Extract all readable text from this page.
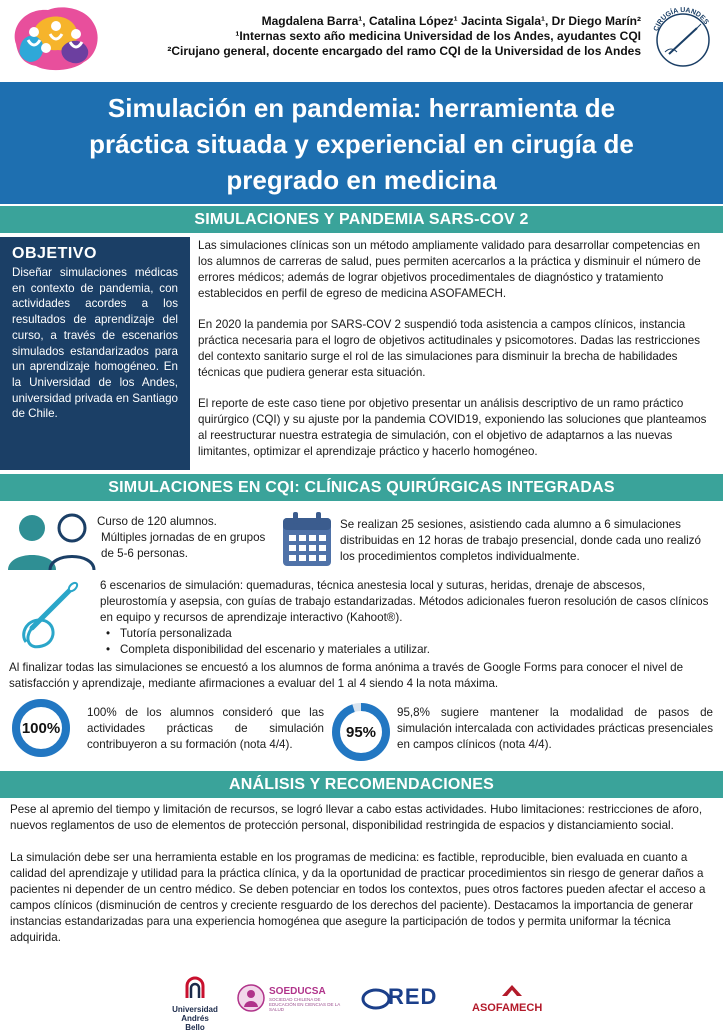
Magdalena Barra¹, Catalina López¹ Jacinta Sigala¹, Dr Diego Marín²
¹Internas sexto año medicina Universidad de los Andes, ayudantes CQI
²Cirujano general, docente encargado del ramo CQI de la Universidad de los Andes
CIRUGÍA UANDES
Simulación en pandemia: herramienta de
práctica situada y experiencial en cirugía de
pregrado en medicina
SIMULACIONES Y PANDEMIA SARS-COV 2
OBJETIVO

Diseñar simulaciones médicas en contexto de pandemia, con actividades acordes a los resultados de aprendizaje del curso, a través de escenarios simulados estandarizados para un aprendizaje homogéneo. En la Universidad de los Andes, universidad privada en Santiago de Chile.

Las simulaciones clínicas son un método ampliamente validado para desarrollar competencias en los alumnos de carreras de salud, pues permiten acercarlos a la práctica y disminuir el número de errores médicos; además de lograr objetivos procedimentales de diagnóstico y tratamiento establecidos en perfil de egreso de medicina ASOFAMECH.

En 2020 la pandemia por SARS-COV 2 suspendió toda asistencia a campos clínicos, instancia práctica necesaria para el logro de objetivos actitudinales y psicomotores. Dadas las restricciones del contexto sanitario surge el rol de las simulaciones para disminuir la brecha de habilidades técnicas que pudiera generar esta situación.

El reporte de este caso tiene por objetivo presentar un análisis descriptivo de un ramo práctico quirúrgico (CQI) y su ajuste por la pandemia COVID19, exponiendo las soluciones que planteamos al reestructurar nuestra estrategia de simulación, con el objetivo de adaptarnos a las nuevas limitantes, optimizar el aprendizaje práctico y hacerlo homogéneo.

SIMULACIONES EN CQI: CLÍNICAS QUIRÚRGICAS INTEGRADAS
Curso de 120 alumnos.
Múltiples jornadas de en grupos de 5-6 personas.
Se realizan 25 sesiones, asistiendo cada alumno a 6 simulaciones distribuidas en 12 horas de trabajo presencial, donde cada uno realizó los procedimientos completos individualmente.
6 escenarios de simulación: quemaduras, técnica anestesia local y suturas, heridas, drenaje de abscesos, pleurostomía y asepsia, con guías de trabajo estandarizadas. Métodos adicionales fueron resolución de casos clínicos en equipo y recursos de aprendizaje interactivo (Kahoot®).
• Tutoría personalizada
• Completa disponibilidad del escenario y materiales a utilizar.
Al finalizar todas las simulaciones se encuestó a los alumnos de forma anónima a través de Google Forms para conocer el nivel de satisfacción y aprendizaje, mediante afirmaciones a evaluar del 1 al 4 siendo 4 la nota máxima.
100%
100% de los alumnos consideró que las actividades prácticas de simulación contribuyeron a su formación (nota 4/4).
95%
95,8% sugiere mantener la modalidad de pasos de simulación intercalada con actividades prácticas presenciales en campos clínicos (nota 4/4).
ANÁLISIS Y RECOMENDACIONES

Pese al apremio del tiempo y limitación de recursos, se logró llevar a cabo estas actividades. Hubo limitaciones: restricciones de aforo, nuevos reglamentos de uso de elementos de protección personal, disponibilidad restringida de espacios y distanciamiento social.

La simulación debe ser una herramienta estable en los programas de medicina: es factible, reproducible, bien evaluada en cuanto a calidad del aprendizaje y utilidad para la práctica clínica, y da la oportunidad de practicar procedimientos sin riesgo de generar daños a pacientes ni depender de un centro médico. Se deben potenciar en todos los contextos, pues otros factores pueden afectar el acceso a campos clínicos (disminución de centros y creciente resguardo de los derechos del paciente). Destacamos la importancia de generar instancias estandarizadas para una experiencia homogénea que asegure la participación de todos y permita uniformar la técnica adquirida.

Universidad
Andrés Bello
SOEDUCSA
SOCIEDAD CHILENA DE EDUCACIÓN EN CIENCIAS DE LA SALUD
RED	ASOFAMECH
